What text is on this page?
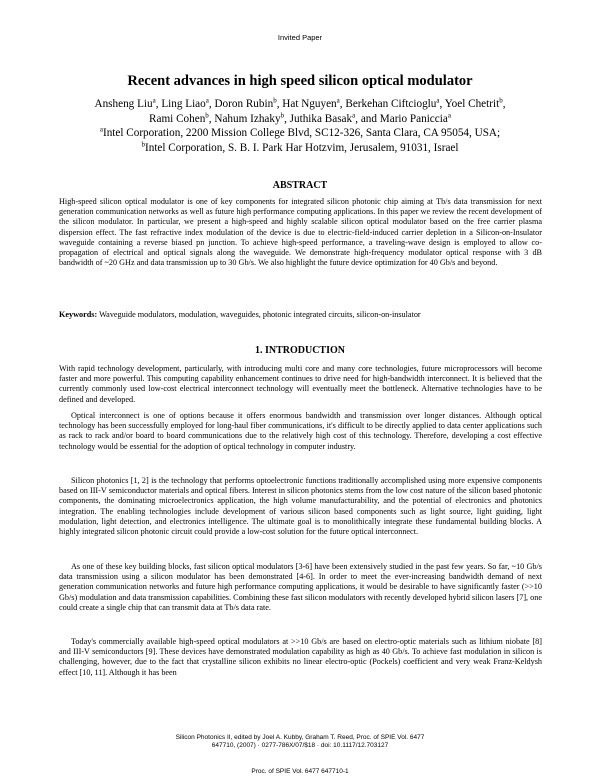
Invited Paper
Recent advances in high speed silicon optical modulator
Ansheng Liu$^a$, Ling Liao$^a$, Doron Rubin$^b$, Hat Nguyen$^a$, Berkehan Ciftcioglu$^a$, Yoel Chetrit$^b$,
Rami Cohen$^b$, Nahum Izhaky$^b$, Juthika Basak$^a$, and Mario Paniccia$^a$
$^a$Intel Corporation, 2200 Mission College Blvd, SC12-326, Santa Clara, CA 95054, USA;
$^b$Intel Corporation, S. B. I. Park Har Hotzvim, Jerusalem, 91031, Israel
ABSTRACT

High-speed silicon optical modulator is one of key components for integrated silicon photonic chip aiming at Tb/s data transmission for next generation communication networks as well as future high performance computing applications. In this paper we review the recent development of the silicon modulator. In particular, we present a high-speed and highly scalable silicon optical modulator based on the free carrier plasma dispersion effect. The fast refractive index modulation of the device is due to electric-field-induced carrier depletion in a Silicon-on-Insulator waveguide containing a reverse biased pn junction. To achieve high-speed performance, a traveling-wave design is employed to allow co-propagation of electrical and optical signals along the waveguide. We demonstrate high-frequency modulator optical response with 3 dB bandwidth of ~20 GHz and data transmission up to 30 Gb/s. We also highlight the future device optimization for 40 Gb/s and beyond.

Keywords: Waveguide modulators, modulation, waveguides, photonic integrated circuits, silicon-on-insulator

1. INTRODUCTION

With rapid technology development, particularly, with introducing multi core and many core technologies, future microprocessors will become faster and more powerful. This computing capability enhancement continues to drive need for high-bandwidth interconnect. It is believed that the currently commonly used low-cost electrical interconnect technology will eventually meet the bottleneck. Alternative technologies have to be defined and developed.

Optical interconnect is one of options because it offers enormous bandwidth and transmission over longer distances. Although optical technology has been successfully employed for long-haul fiber communications, it's difficult to be directly applied to data center applications such as rack to rack and/or board to board communications due to the relatively high cost of this technology. Therefore, developing a cost effective technology would be essential for the adoption of optical technology in computer industry.

Silicon photonics [1, 2] is the technology that performs optoelectronic functions traditionally accomplished using more expensive components based on III-V semiconductor materials and optical fibers. Interest in silicon photonics stems from the low cost nature of the silicon based photonic components, the dominating microelectronics application, the high volume manufacturability, and the potential of electronics and photonics integration. The enabling technologies include development of various silicon based components such as light source, light guiding, light modulation, light detection, and electronics intelligence. The ultimate goal is to monolithically integrate these fundamental building blocks. A highly integrated silicon photonic circuit could provide a low-cost solution for the future optical interconnect.

As one of these key building blocks, fast silicon optical modulators [3-6] have been extensively studied in the past few years. So far, ~10 Gb/s data transmission using a silicon modulator has been demonstrated [4-6]. In order to meet the ever-increasing bandwidth demand of next generation communication networks and future high performance computing applications, it would be desirable to have significantly faster (>>10 Gb/s) modulation and data transmission capabilities. Combining these fast silicon modulators with recently developed hybrid silicon lasers [7], one could create a single chip that can transmit data at Tb/s data rate.

Today's commercially available high-speed optical modulators at >>10 Gb/s are based on electro-optic materials such as lithium niobate [8] and III-V semiconductors [9]. These devices have demonstrated modulation capability as high as 40 Gb/s. To achieve fast modulation in silicon is challenging, however, due to the fact that crystalline silicon exhibits no linear electro-optic (Pockels) coefficient and very weak Franz-Keldysh effect [10, 11]. Although it has been

Silicon Photonics II, edited by Joel A. Kubby, Graham T. Reed, Proc. of SPIE Vol. 6477
647710, (2007) · 0277-786X/07/$18 · doi: 10.1117/12.703127
Proc. of SPIE Vol. 6477 647710-1
